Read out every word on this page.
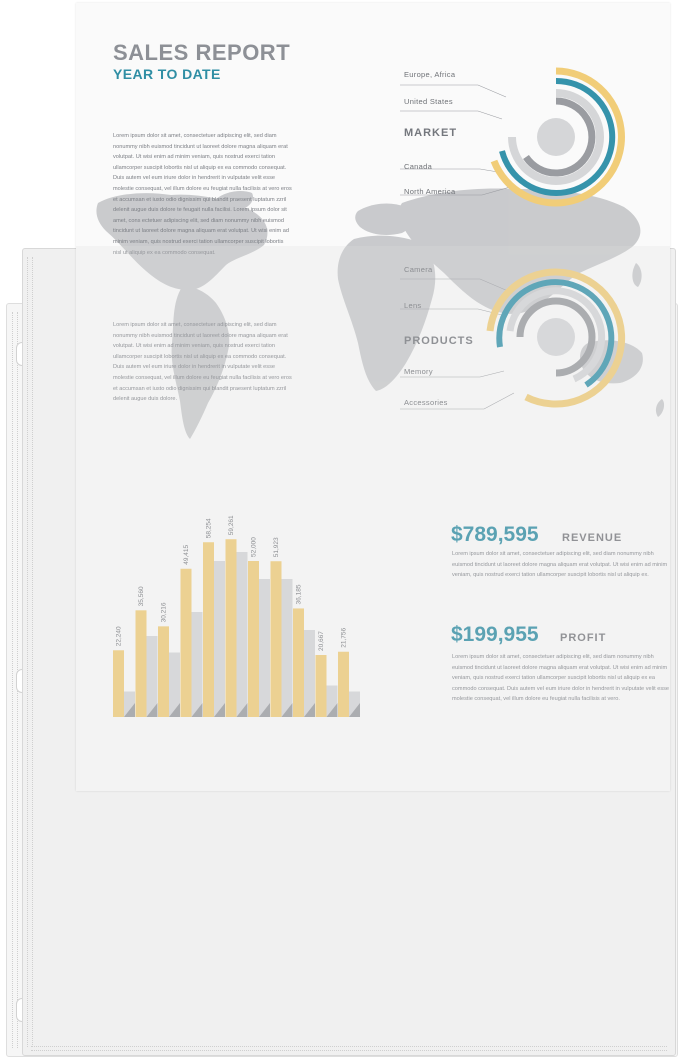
SALES REPORT
YEAR TO DATE

Lorem ipsum dolor sit amet, consectetuer adipiscing elit, sed diam nonummy nibh euismod tincidunt ut laoreet dolore magna aliquam erat volutpat. Ut wisi enim ad minim veniam, quis nostrud exerci tation ullamcorper suscipit lobortis nisl ut aliquip ex ea commodo consequat. Duis autem vel eum iriure dolor in hendrerit in vulputate velit esse molestie consequat, vel illum dolore eu feugiat nulla facilisis at vero eros et accumsan et iusto odio dignissim qui blandit praesent luptatum zzril delenit augue duis dolore te feugait nulla facilisi. Lorem ipsum dolor sit amet, cons ectetuer adipiscing elit, sed diam nonummy nibh euismod tincidunt ut laoreet dolore magna aliquam erat volutpat. Ut wisi enim ad minim veniam, quis nostrud exerci tation ullamcorper suscipit lobortis nisl ut aliquip ex ea commodo consequat.

Lorem ipsum dolor sit amet, consectetuer adipiscing elit, sed diam nonummy nibh euismod tincidunt ut laoreet dolore magna aliquam erat volutpat. Ut wisi enim ad minim veniam, quis nostrud exerci tation ullamcorper suscipit lobortis nisl ut aliquip ex ea commodo consequat. Duis autem vel eum iriure dolor in hendrerit in vulputate velit esse molestie consequat, vel illum dolore eu feugiat nulla facilisis at vero eros et accumsan et iusto odio dignissim qui blandit praesent luptatum zzril delenit augue duis dolore.

Europe, Africa
United States
MARKET
Canada
North America
Camera
Lens
PRODUCTS
Memory
Accessories
22,240
35,560
30,216
49,415
58,254 59,261
52,000 51,923
36,185
20,667 21,756
$789,595 REVENUE

Lorem ipsum dolor sit amet, consectetuer adipiscing elit, sed diam nonummy nibh euismod tincidunt ut laoreet dolore magna aliquam erat volutpat. Ut wisi enim ad minim veniam, quis nostrud exerci tation ullamcorper suscipit lobortis nisl ut aliquip ex.

$199,955 PROFIT

Lorem ipsum dolor sit amet, consectetuer adipiscing elit, sed diam nonummy nibh euismod tincidunt ut laoreet dolore magna aliquam erat volutpat. Ut wisi enim ad minim veniam, quis nostrud exerci tation ullamcorper suscipit lobortis nisl ut aliquip ex ea commodo consequat. Duis autem vel eum iriure dolor in hendrerit in vulputate velit esse molestie consequat, vel illum dolore eu feugiat nulla facilisis at vero.
